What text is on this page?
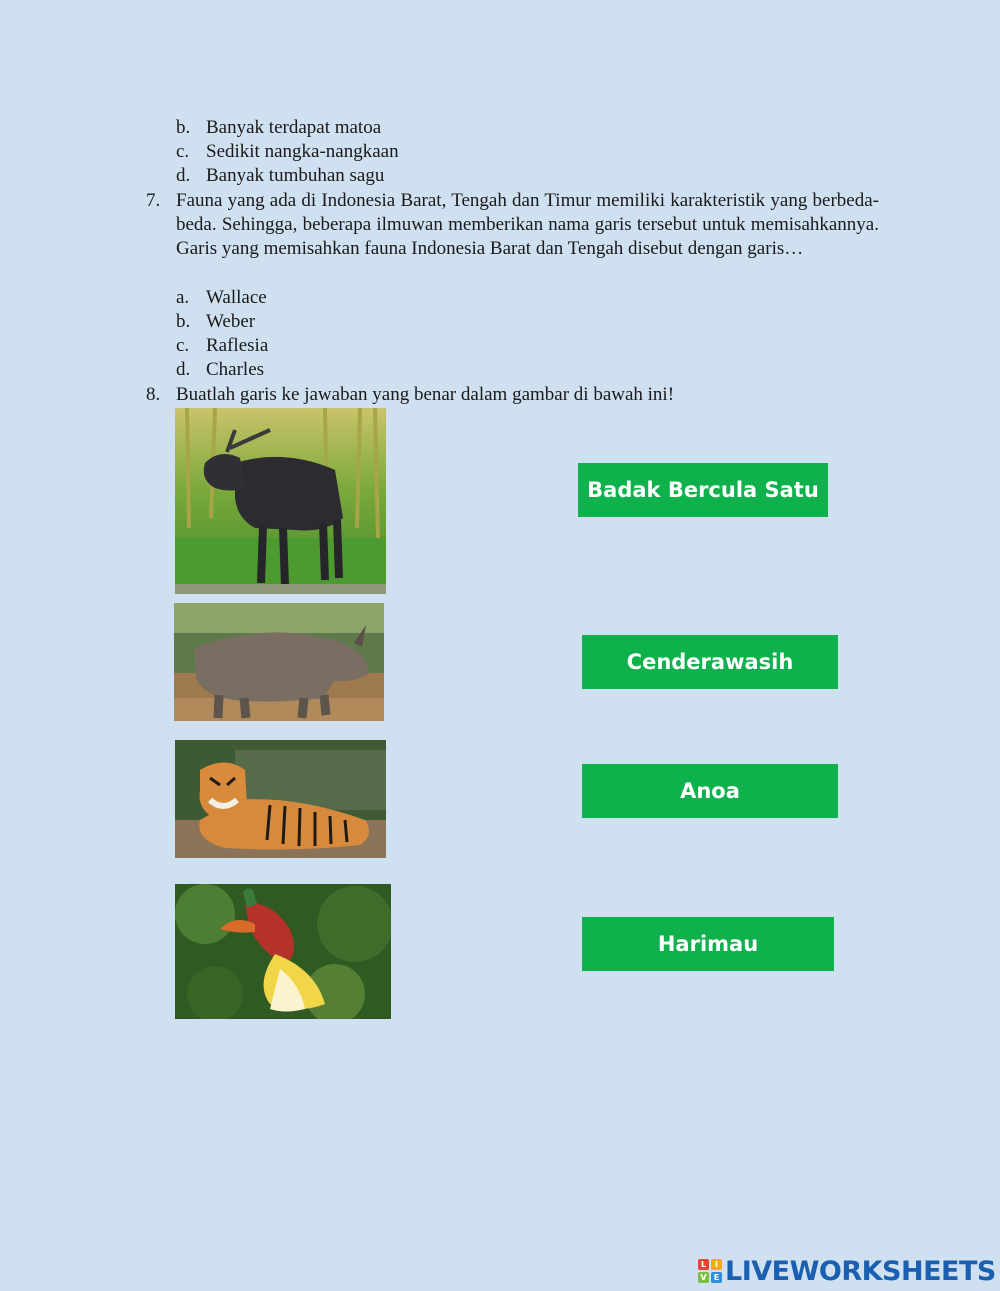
b. Banyak terdapat matoa
c. Sedikit nangka-nangkaan
d. Banyak tumbuhan sagu
7. Fauna yang ada di Indonesia Barat, Tengah dan Timur memiliki karakteristik yang berbeda-beda. Sehingga, beberapa ilmuwan memberikan nama garis tersebut untuk memisahkannya. Garis yang memisahkan fauna Indonesia Barat dan Tengah disebut dengan garis…
a. Wallace
b. Weber
c. Raflesia
d. Charles
8. Buatlah garis ke jawaban yang benar dalam gambar di bawah ini!
Badak Bercula Satu
Cenderawasih
Anoa
Harimau
L	I
V E LIVEWORKSHEETS
